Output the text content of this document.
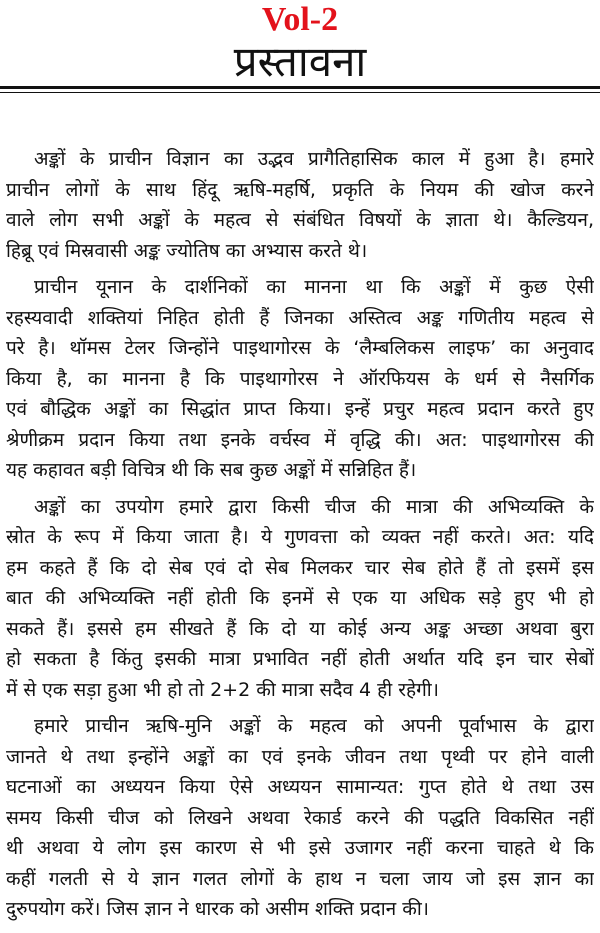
Vol-2
प्रस्तावना
अङ्कों के प्राचीन विज्ञान का उद्भव प्रागैतिहासिक काल में हुआ है। हमारे
प्राचीन लोगों के साथ हिंदू ऋषि-महर्षि, प्रकृति के नियम की खोज करने
वाले लोग सभी अङ्कों के महत्व से संबंधित विषयों के ज्ञाता थे। कैल्डियन,
हिब्रू एवं मिस्रवासी अङ्क ज्योतिष का अभ्यास करते थे।
प्राचीन यूनान के दार्शनिकों का मानना था कि अङ्कों में कुछ ऐसी
रहस्यवादी शक्तियां निहित होती हैं जिनका अस्तित्व अङ्क गणितीय महत्व से
परे है। थॉमस टेलर जिन्होंने पाइथागोरस के ‘लैम्बलिकस लाइफ’ का अनुवाद
किया है, का मानना है कि पाइथागोरस ने ऑरफियस के धर्म से नैसर्गिक
एवं बौद्धिक अङ्कों का सिद्धांत प्राप्त किया। इन्हें प्रचुर महत्व प्रदान करते हुए
श्रेणीक्रम प्रदान किया तथा इनके वर्चस्व में वृद्धि की। अत: पाइथागोरस की
यह कहावत बड़ी विचित्र थी कि सब कुछ अङ्कों में सन्निहित हैं।
अङ्कों का उपयोग हमारे द्वारा किसी चीज की मात्रा की अभिव्यक्ति के
स्रोत के रूप में किया जाता है। ये गुणवत्ता को व्यक्त नहीं करते। अत: यदि
हम कहते हैं कि दो सेब एवं दो सेब मिलकर चार सेब होते हैं तो इसमें इस
बात की अभिव्यक्ति नहीं होती कि इनमें से एक या अधिक सड़े हुए भी हो
सकते हैं। इससे हम सीखते हैं कि दो या कोई अन्य अङ्क अच्छा अथवा बुरा
हो सकता है किंतु इसकी मात्रा प्रभावित नहीं होती अर्थात यदि इन चार सेबों
में से एक सड़ा हुआ भी हो तो 2+2 की मात्रा सदैव 4 ही रहेगी।
हमारे प्राचीन ऋषि-मुनि अङ्कों के महत्व को अपनी पूर्वाभास के द्वारा
जानते थे तथा इन्होंने अङ्कों का एवं इनके जीवन तथा पृथ्वी पर होने वाली
घटनाओं का अध्ययन किया ऐसे अध्ययन सामान्यत: गुप्त होते थे तथा उस
समय किसी चीज को लिखने अथवा रेकार्ड करने की पद्धति विकसित नहीं
थी अथवा ये लोग इस कारण से भी इसे उजागर नहीं करना चाहते थे कि
कहीं गलती से ये ज्ञान गलत लोगों के हाथ न चला जाय जो इस ज्ञान का
दुरुपयोग करें। जिस ज्ञान ने धारक को असीम शक्ति प्रदान की।
